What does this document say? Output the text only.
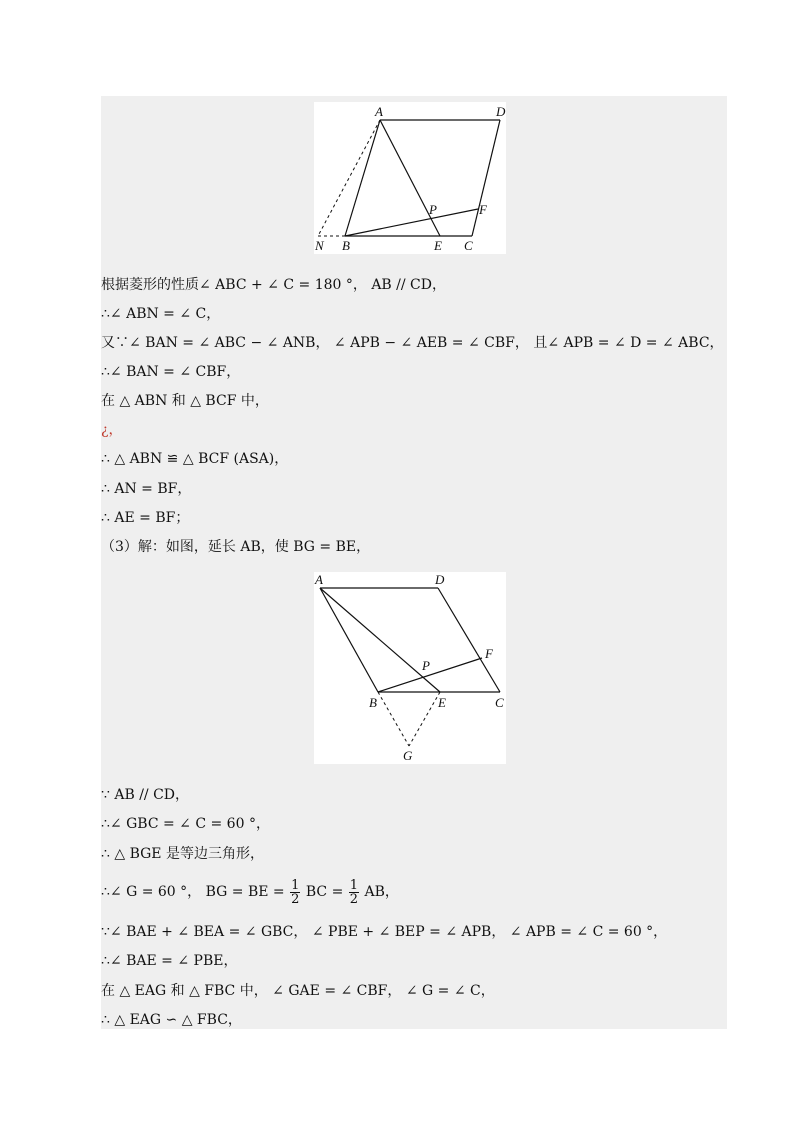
A	D
P	F
N B	E C
根据菱形的性质∠ ABC + ∠ C = 180 °， AB // CD，
∴∠ ABN = ∠ C，
又∵∠ BAN = ∠ ABC − ∠ ANB， ∠ APB − ∠ AEB = ∠ CBF， 且∠ APB = ∠ D = ∠ ABC，
∴∠ BAN = ∠ CBF，
在 △ ABN 和 △ BCF 中，
¿，
∴ △ ABN ≌ △ BCF (ASA)，
∴ AN = BF，
∴ AE = BF；
（3）解：如图，延长 AB，使 BG = BE，
A	D
P
F
B	E	C
G
∵ AB // CD，
∴∠ GBC = ∠ C = 60 °，
∴ △ BGE 是等边三角形，
∴∠ G = 60 °， BG = BE = $\frac{1}{2}$ BC = $\frac{1}{2}$ AB，
∵∠ BAE + ∠ BEA = ∠ GBC， ∠ PBE + ∠ BEP = ∠ APB， ∠ APB = ∠ C = 60 °，
∴∠ BAE = ∠ PBE，
在 △ EAG 和 △ FBC 中， ∠ GAE = ∠ CBF， ∠ G = ∠ C，
∴ △ EAG ∽ △ FBC，
